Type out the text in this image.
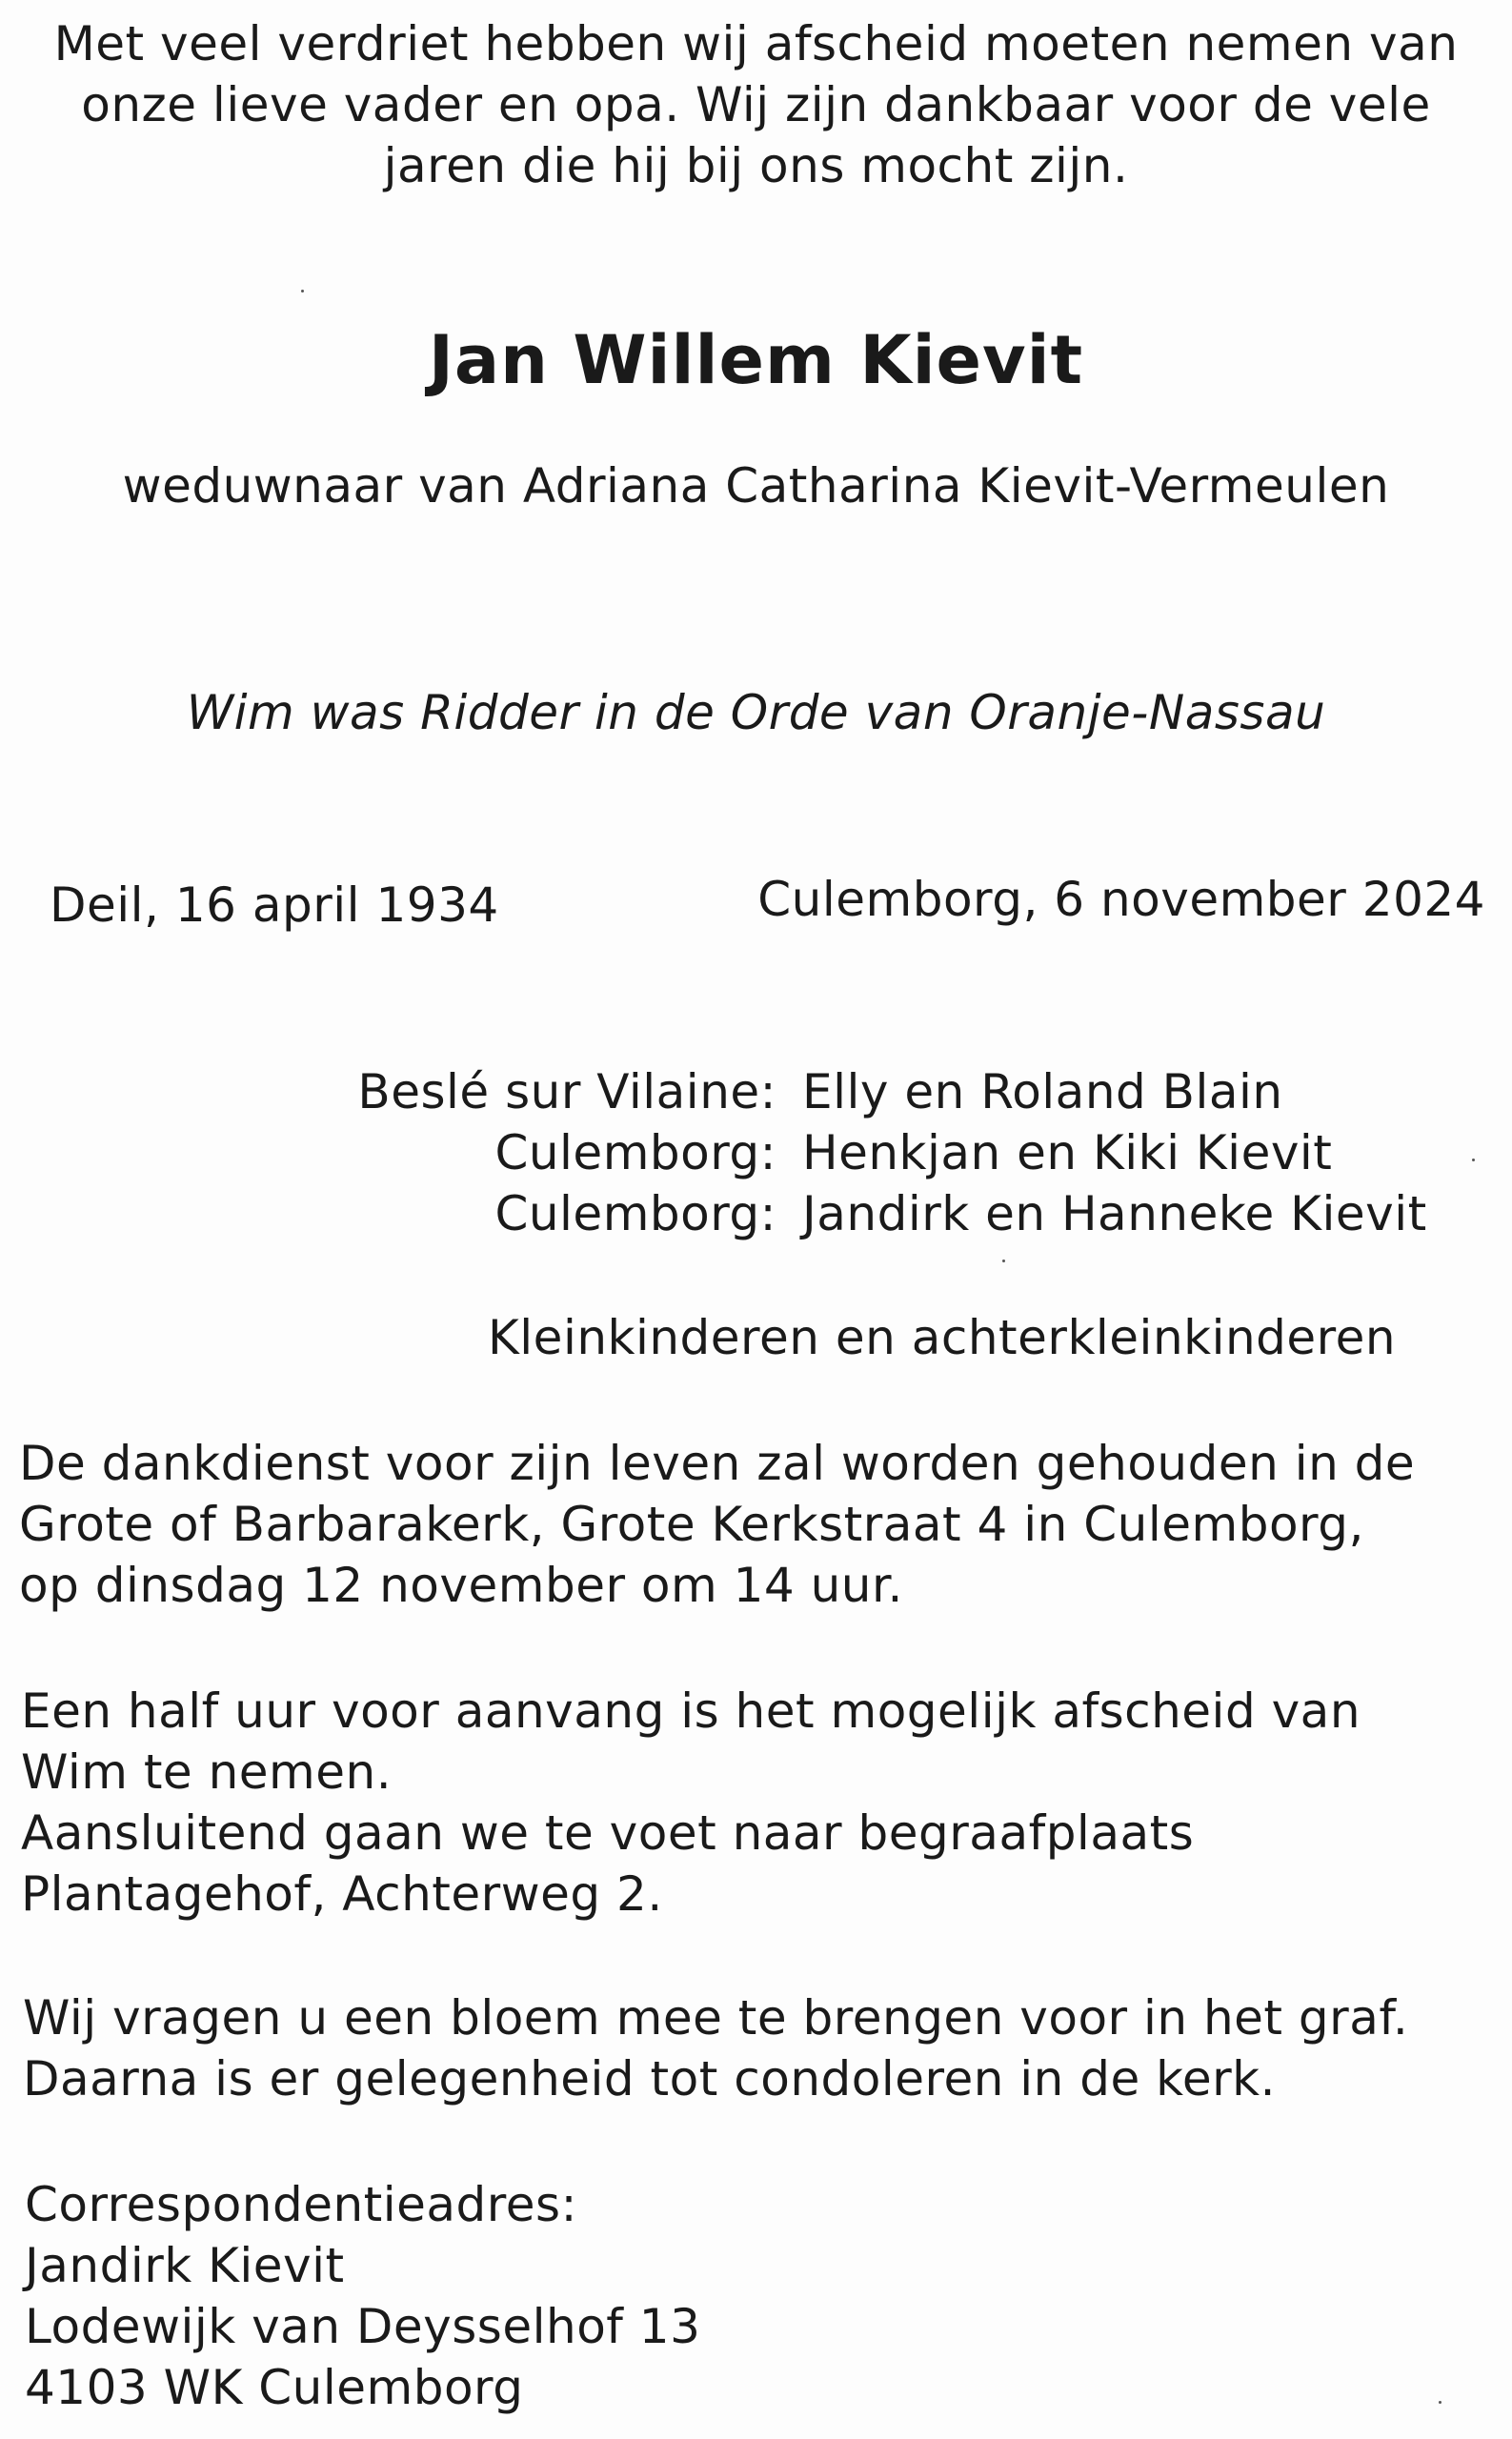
Met veel verdriet hebben wij afscheid moeten nemen van
onze lieve vader en opa. Wij zijn dankbaar voor de vele
jaren die hij bij ons mocht zijn.
Jan Willem Kievit
weduwnaar van Adriana Catharina Kievit-Vermeulen
Wim was Ridder in de Orde van Oranje-Nassau
Deil, 16 april 1934	Culemborg, 6 november 2024
Beslé sur Vilaine: Elly en Roland Blain
Culemborg: Henkjan en Kiki Kievit
Culemborg: Jandirk en Hanneke Kievit
Kleinkinderen en achterkleinkinderen
De dankdienst voor zijn leven zal worden gehouden in de
Grote of Barbarakerk, Grote Kerkstraat 4 in Culemborg,
op dinsdag 12 november om 14 uur.
Een half uur voor aanvang is het mogelijk afscheid van
Wim te nemen.
Aansluitend gaan we te voet naar begraafplaats
Plantagehof, Achterweg 2.
Wij vragen u een bloem mee te brengen voor in het graf.
Daarna is er gelegenheid tot condoleren in de kerk.
Correspondentieadres:
Jandirk Kievit
Lodewijk van Deysselhof 13
4103 WK Culemborg
